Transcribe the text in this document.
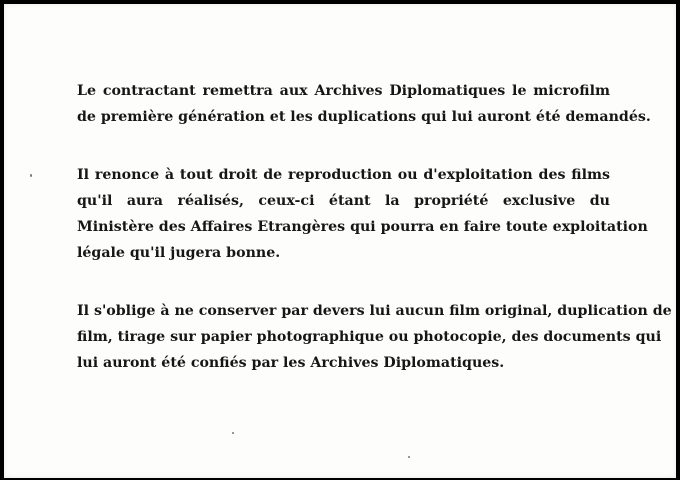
Le contractant remettra aux Archives Diplomatiques le microfilm
de première génération et les duplications qui lui auront été demandés.

Il renonce à tout droit de reproduction ou d'exploitation des films
qu'il aura réalisés, ceux-ci étant la propriété exclusive du
Ministère des Affaires Etrangères qui pourra en faire toute exploitation
légale qu'il jugera bonne.

Il s'oblige à ne conserver par devers lui aucun film original, duplication de
film, tirage sur papier photographique ou photocopie, des documents qui
lui auront été confiés par les Archives Diplomatiques.
